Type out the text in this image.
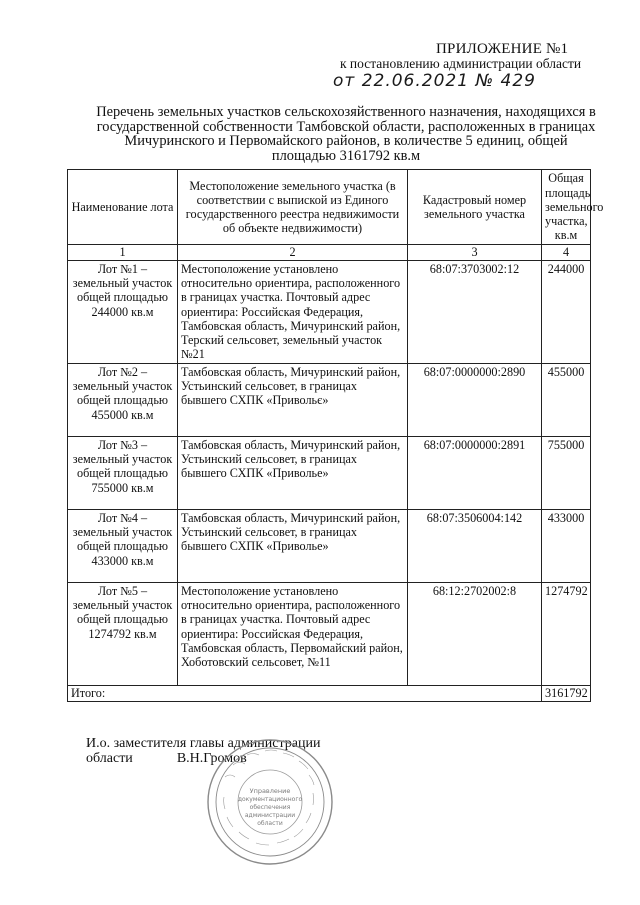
ПРИЛОЖЕНИЕ №1
к постановлению администрации области
от 22.06.2021 № 429
Перечень земельных участков сельскохозяйственного назначения, находящихся в государственной собственности Тамбовской области, расположенных в границах Мичуринского и Первомайского районов, в количестве 5 единиц, общей площадью 3161792 кв.м
Наименование лота	Местоположение земельного участка (в соответствии с выпиской из Единого государственного реестра недвижимости об объекте недвижимости)	Кадастровый номер земельного участка	Общая площадь земельного участка, кв.м
1	2	3	4
Лот №1 – земельный участок общей площадью 244000 кв.м	Местоположение установлено относительно ориентира, расположенного в границах участка. Почтовый адрес ориентира: Российская Федерация, Тамбовская область, Мичуринский район, Терский сельсовет, земельный участок №21	68:07:3703002:12	244000
Лот №2 – земельный участок общей площадью 455000 кв.м	Тамбовская область, Мичуринский район, Устьинский сельсовет, в границах бывшего СХПК «Привольє»	68:07:0000000:2890	455000
Лот №3 – земельный участок общей площадью 755000 кв.м	Тамбовская область, Мичуринский район, Устьинский сельсовет, в границах бывшего СХПК «Приволье»	68:07:0000000:2891	755000
Лот №4 – земельный участок общей площадью 433000 кв.м	Тамбовская область, Мичуринский район, Устьинский сельсовет, в границах бывшего СХПК «Приволье»	68:07:3506004:142	433000
Лот №5 – земельный участок общей площадью 1274792 кв.м	Местоположение установлено относительно ориентира, расположенного в границах участка. Почтовый адрес ориентира: Российская Федерация, Тамбовская область, Первомайский район, Хоботовский сельсовет, №11	68:12:2702002:8	1274792
Итого:			3161792
И.о. заместителя главы администрации
области	В.Н.Громов
Управление
документационного
обеспечения
администрации
области
